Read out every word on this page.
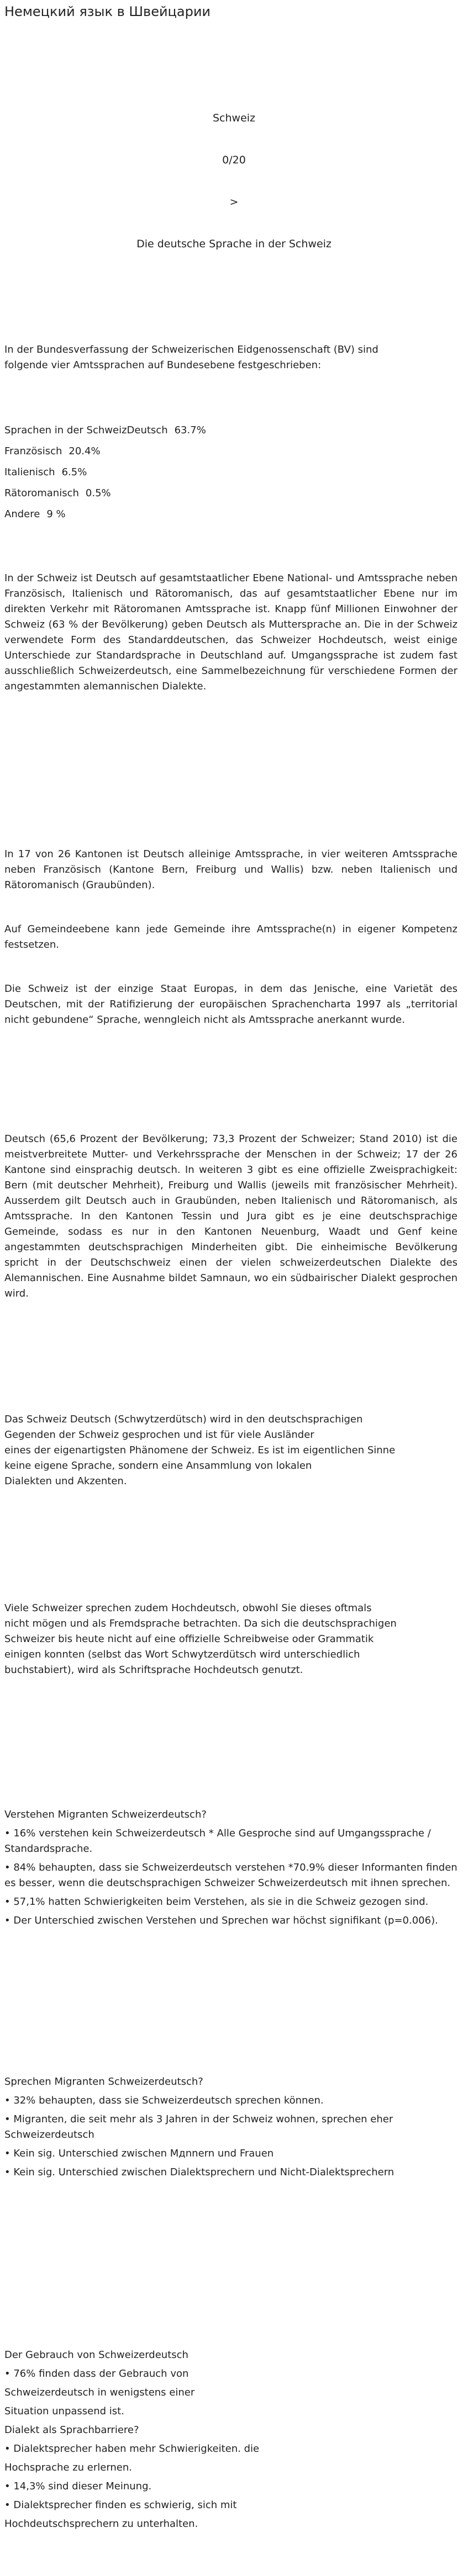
Немецкий язык в Швейцарии
Schweiz
0/20
>
Die deutsche Sprache in der Schweiz
In der Bundesverfassung der Schweizerischen Eidgenossenschaft (BV) sind
folgende vier Amtssprachen auf Bundesebene festgeschrieben:
Sprachen in der SchweizDeutsch 63.7%
Französisch 20.4%
Italienisch 6.5%
Rätoromanisch 0.5%
Andere 9 %
In der Schweiz ist Deutsch auf gesamtstaatlicher Ebene National- und Amtssprache neben Französisch, Italienisch und Rätoromanisch, das auf gesamtstaatlicher Ebene nur im direkten Verkehr mit Rätoromanen Amtssprache ist. Knapp fünf Millionen Einwohner der Schweiz (63 % der Bevölkerung) geben Deutsch als Muttersprache an. Die in der Schweiz verwendete Form des Standarddeutschen, das Schweizer Hochdeutsch, weist einige Unterschiede zur Standardsprache in Deutschland auf. Umgangssprache ist zudem fast ausschließlich Schweizerdeutsch, eine Sammelbezeichnung für verschiedene Formen der angestammten alemannischen Dialekte.
In 17 von 26 Kantonen ist Deutsch alleinige Amtssprache, in vier weiteren Amtssprache neben Französisch (Kantone Bern, Freiburg und Wallis) bzw. neben Italienisch und Rätoromanisch (Graubünden).
Auf Gemeindeebene kann jede Gemeinde ihre Amtssprache(n) in eigener Kompetenz festsetzen.
Die Schweiz ist der einzige Staat Europas, in dem das Jenische, eine Varietät des Deutschen, mit der Ratifizierung der europäischen Sprachencharta 1997 als „territorial nicht gebundene“ Sprache, wenngleich nicht als Amtssprache anerkannt wurde.
Deutsch (65,6 Prozent der Bevölkerung; 73,3 Prozent der Schweizer; Stand 2010) ist die meistverbreitete Mutter- und Verkehrssprache der Menschen in der Schweiz; 17 der 26 Kantone sind einsprachig deutsch. In weiteren 3 gibt es eine offizielle Zweisprachigkeit: Bern (mit deutscher Mehrheit), Freiburg und Wallis (jeweils mit französischer Mehrheit). Ausserdem gilt Deutsch auch in Graubünden, neben Italienisch und Rätoromanisch, als Amtssprache. In den Kantonen Tessin und Jura gibt es je eine deutschsprachige Gemeinde, sodass es nur in den Kantonen Neuenburg, Waadt und Genf keine angestammten deutschsprachigen Minderheiten gibt. Die einheimische Bevölkerung spricht in der Deutschschweiz einen der vielen schweizerdeutschen Dialekte des Alemannischen. Eine Ausnahme bildet Samnaun, wo ein südbairischer Dialekt gesprochen wird.
Das Schweiz Deutsch (Schwytzerdütsch) wird in den deutschsprachigen
Gegenden der Schweiz gesprochen und ist für viele Ausländer
eines der eigenartigsten Phänomene der Schweiz. Es ist im eigentlichen Sinne
keine eigene Sprache, sondern eine Ansammlung von lokalen
Dialekten und Akzenten.
Viele Schweizer sprechen zudem Hochdeutsch, obwohl Sie dieses oftmals
nicht mögen und als Fremdsprache betrachten. Da sich die deutschsprachigen
Schweizer bis heute nicht auf eine offizielle Schreibweise oder Grammatik
einigen konnten (selbst das Wort Schwytzerdütsch wird unterschiedlich
buchstabiert), wird als Schriftsprache Hochdeutsch genutzt.
Verstehen Migranten Schweizerdeutsch?
• 16% verstehen kein Schweizerdeutsch * Alle Gesproche sind auf Umgangssprache / Standardsprache.
• 84% behaupten, dass sie Schweizerdeutsch verstehen *70.9% dieser Informanten finden es besser, wenn die deutschsprachigen Schweizer Schweizerdeutsch mit ihnen sprechen.
• 57,1% hatten Schwierigkeiten beim Verstehen, als sie in die Schweiz gezogen sind.
• Der Unterschied zwischen Verstehen und Sprechen war höchst signifikant (p=0.006).
Sprechen Migranten Schweizerdeutsch?
• 32% behaupten, dass sie Schweizerdeutsch sprechen können.
• Migranten, die seit mehr als 3 Jahren in der Schweiz wohnen, sprechen eher Schweizerdeutsch
• Kein sig. Unterschied zwischen Mдnnern und Frauen
• Kein sig. Unterschied zwischen Dialektsprechern und Nicht-Dialektsprechern
Der Gebrauch von Schweizerdeutsch
• 76% finden dass der Gebrauch von
Schweizerdeutsch in wenigstens einer
Situation unpassend ist.
Dialekt als Sprachbarriere?
• Dialektsprecher haben mehr Schwierigkeiten. die
Hochsprache zu erlernen.
• 14,3% sind dieser Meinung.
• Dialektsprecher finden es schwierig, sich mit
Hochdeutschsprechern zu unterhalten.
